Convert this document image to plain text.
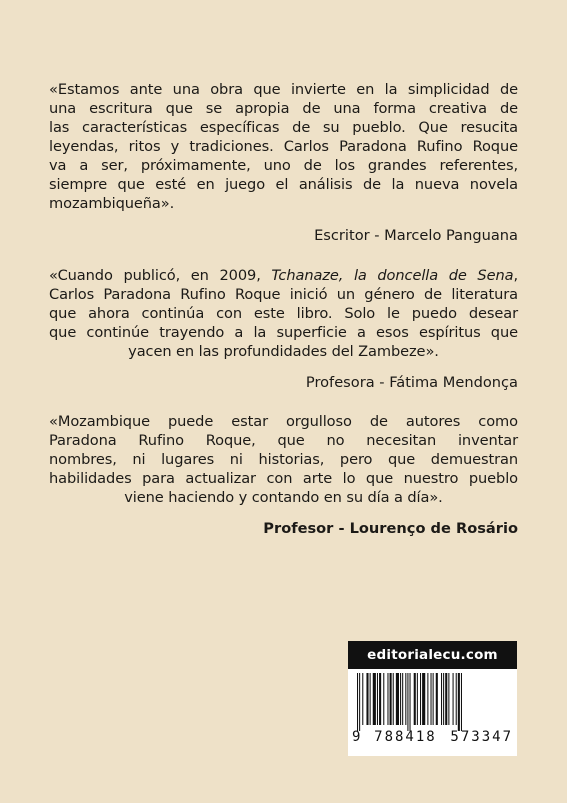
«Estamos ante una obra que invierte en la simplicidad de
una escritura que se apropia de una forma creativa de
las características específicas de su pueblo. Que resucita
leyendas, ritos y tradiciones. Carlos Paradona Rufino Roque
va a ser, próximamente, uno de los grandes referentes,
siempre que esté en juego el análisis de la nueva novela
mozambiqueña».
Escritor - Marcelo Panguana
«Cuando publicó, en 2009, Tchanaze, la doncella de Sena,
Carlos Paradona Rufino Roque inició un género de literatura
que ahora continúa con este libro. Solo le puedo desear
que continúe trayendo a la superficie a esos espíritus que
yacen en las profundidades del Zambeze».
Profesora - Fátima Mendonça
«Mozambique puede estar orgulloso de autores como
Paradona Rufino Roque, que no necesitan inventar
nombres, ni lugares ni historias, pero que demuestran
habilidades para actualizar con arte lo que nuestro pueblo
viene haciendo y contando en su día a día».
Profesor - Lourenço de Rosário
editorialecu.com
9 788418 573347
